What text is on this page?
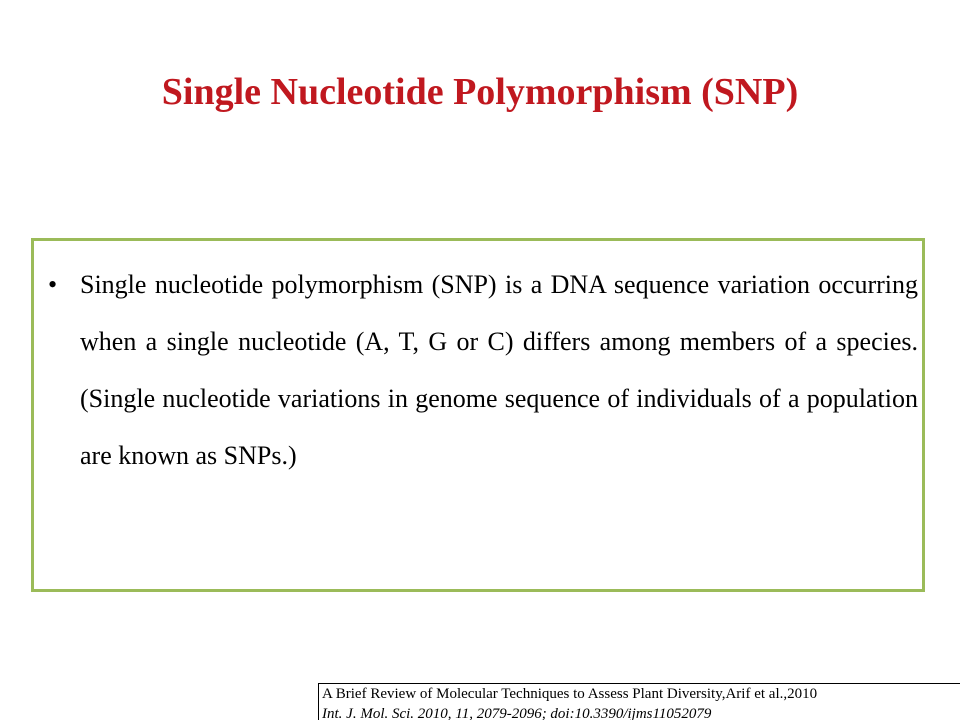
Single Nucleotide Polymorphism (SNP)
• Single nucleotide polymorphism (SNP) is a DNA sequence variation occurring when a single nucleotide (A, T, G or C) differs among members of a species. (Single nucleotide variations in genome sequence of individuals of a population are known as SNPs.)
A Brief Review of Molecular Techniques to Assess Plant Diversity,Arif et al.,2010
Int. J. Mol. Sci. 2010, 11, 2079-2096; doi:10.3390/ijms11052079
